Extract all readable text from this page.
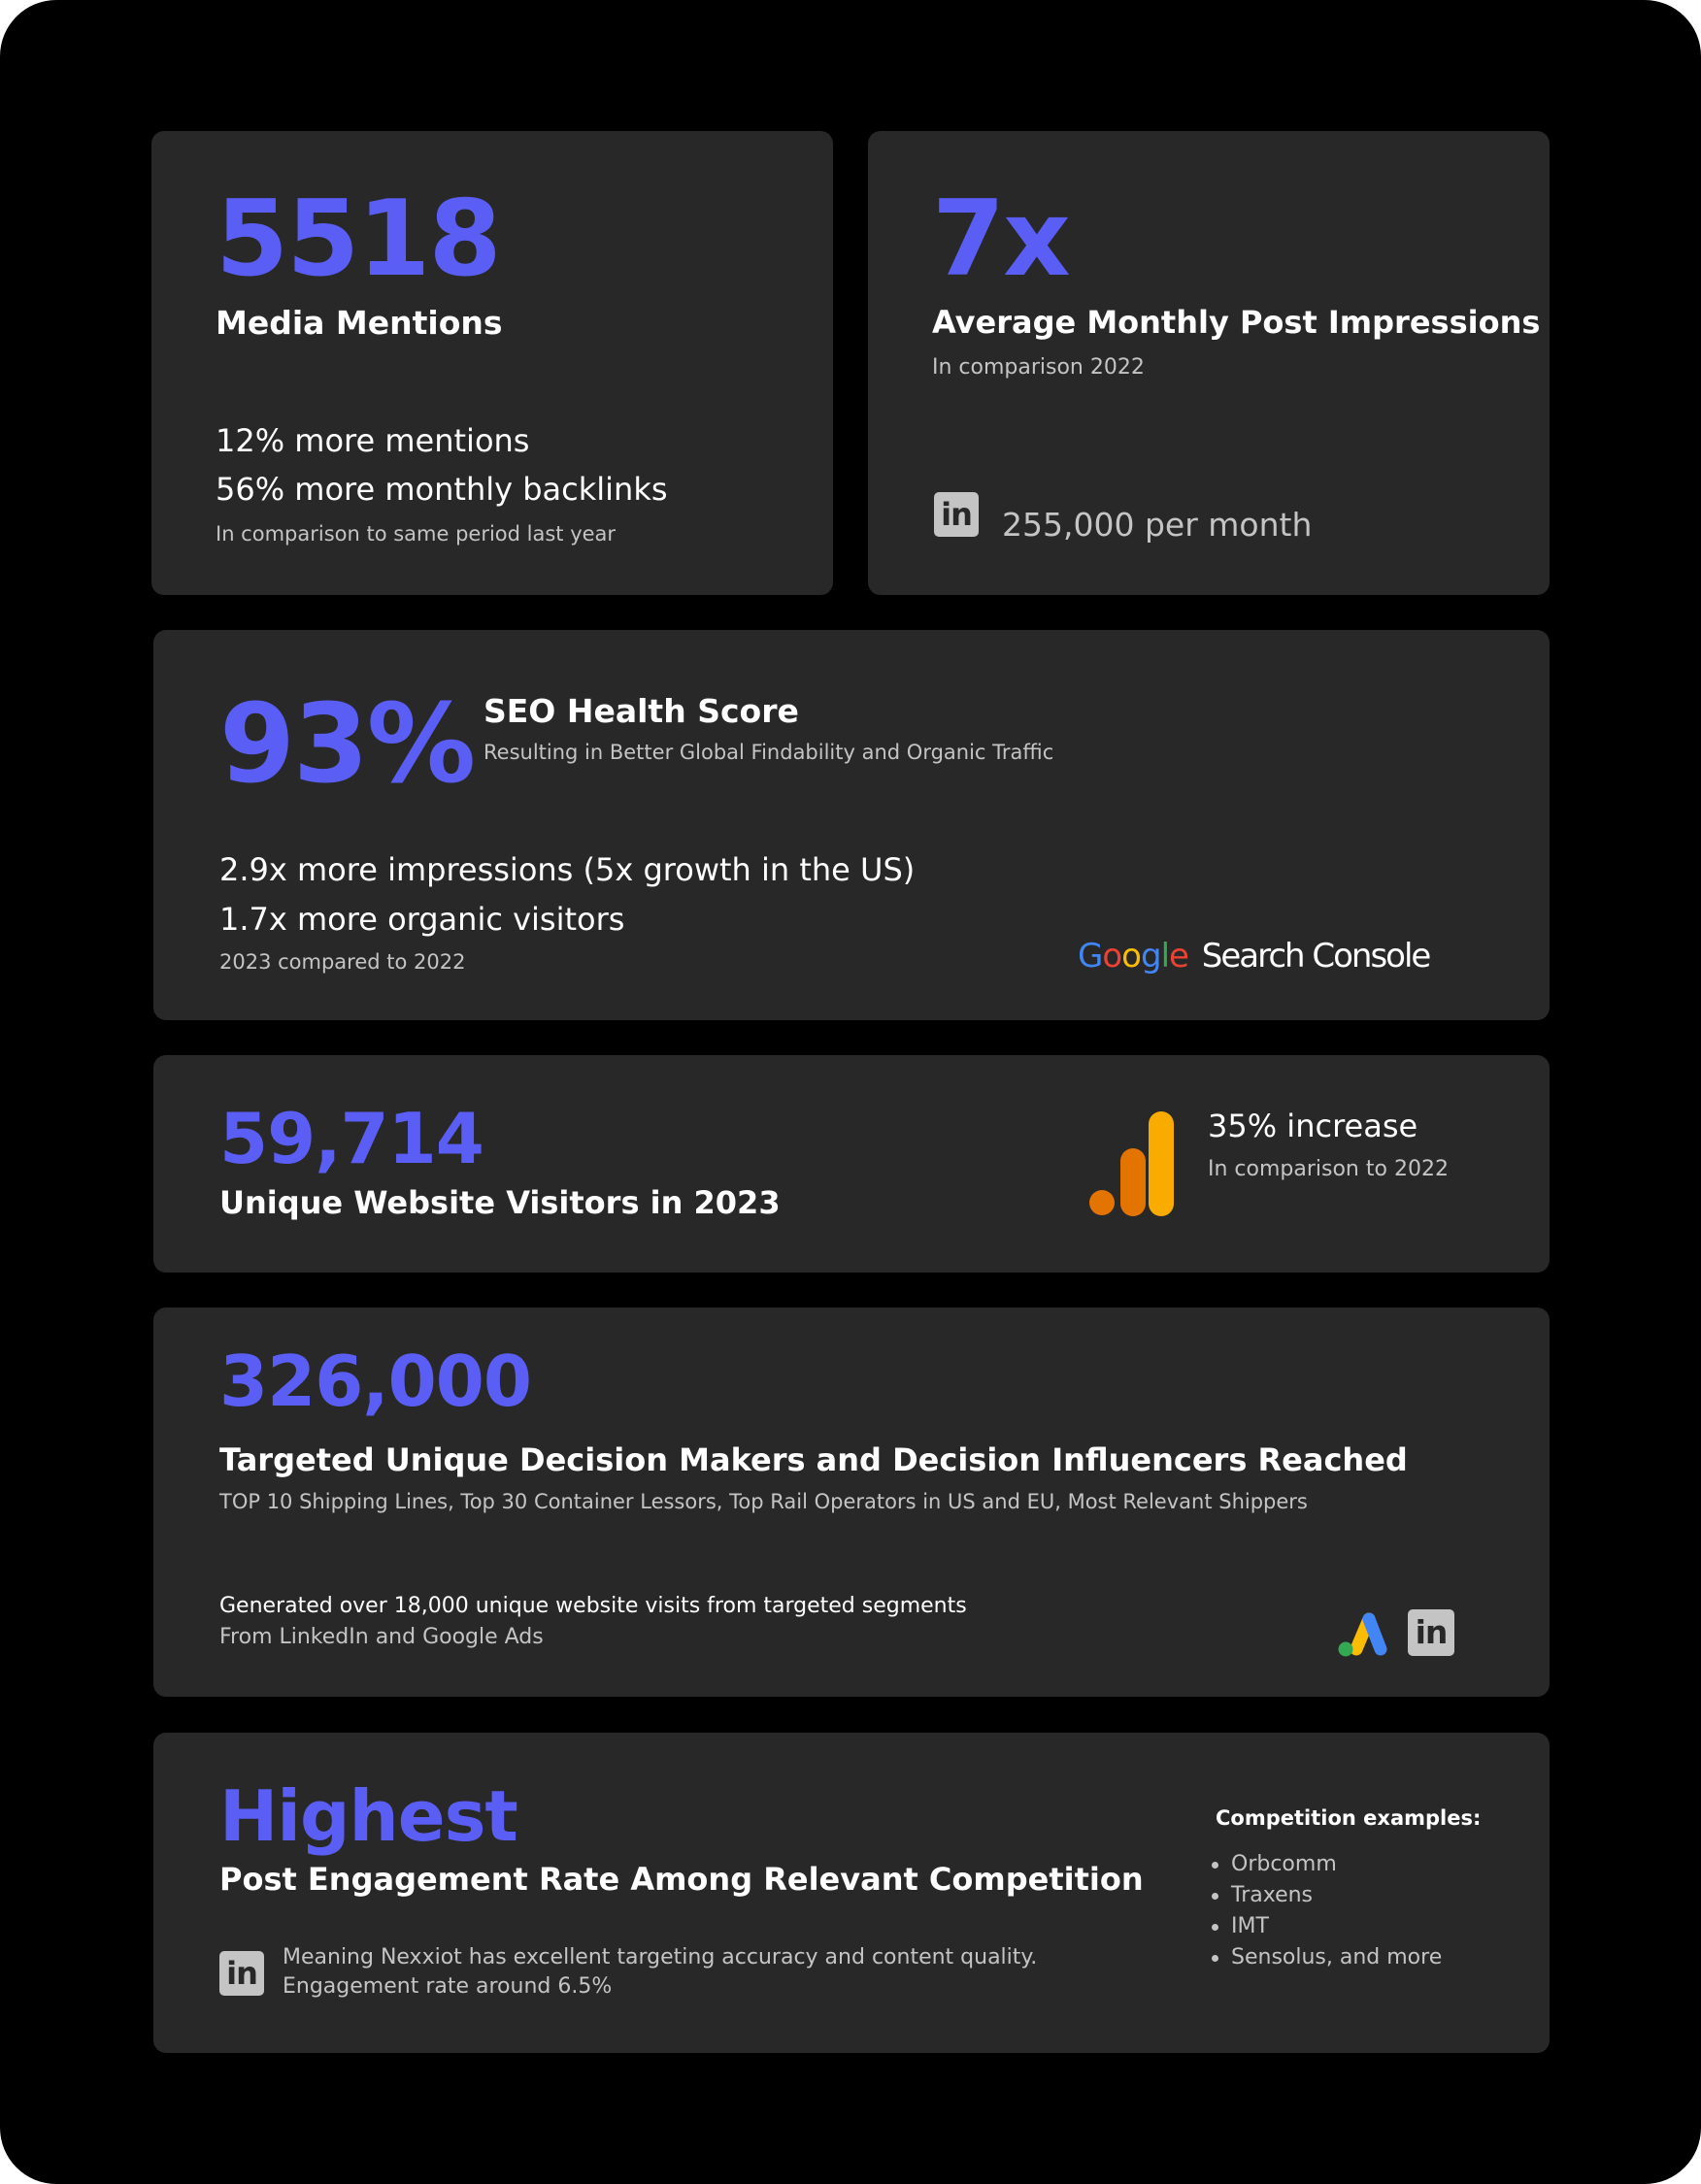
5518
Media Mentions
12% more mentions
56% more monthly backlinks
In comparison to same period last year
7x
Average Monthly Post Impressions
In comparison 2022
in 255,000 per month
93% SEO Health Score
Resulting in Better Global Findability and Organic Traffic
2.9x more impressions (5x growth in the US)
1.7x more organic visitors
2023 compared to 2022	Google Search Console
59,714
Unique Website Visitors in 2023
35% increase
In comparison to 2022
326,000
Targeted Unique Decision Makers and Decision Influencers Reached
TOP 10 Shipping Lines, Top 30 Container Lessors, Top Rail Operators in US and EU, Most Relevant Shippers
Generated over 18,000 unique website visits from targeted segments
From LinkedIn and Google Ads	in
Highest
Post Engagement Rate Among Relevant Competition
in	Meaning Nexxiot has excellent targeting accuracy and content quality.
Engagement rate around 6.5%
Competition examples:
Orbcomm
Traxens
IMT
Sensolus, and more
